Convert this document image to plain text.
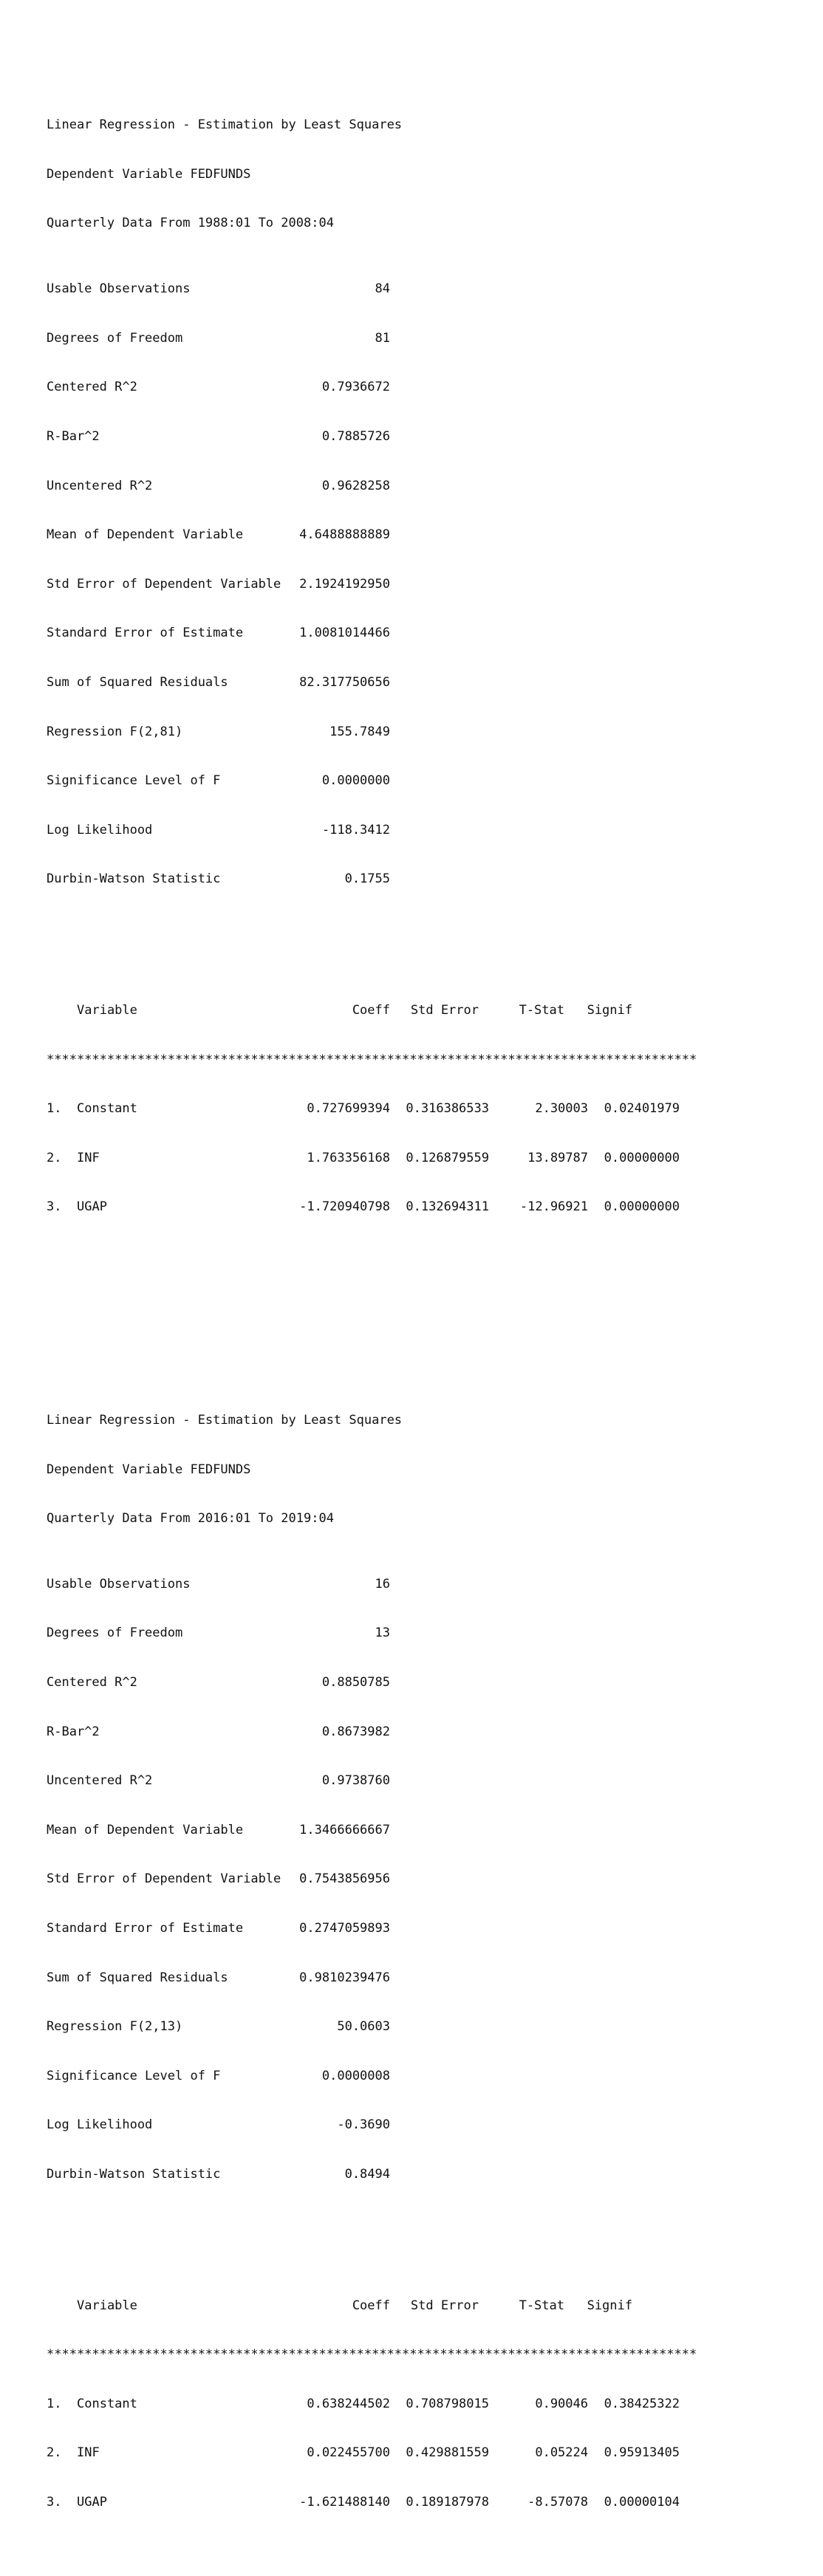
Linear Regression - Estimation by Least Squares

Dependent Variable FEDFUNDS

Quarterly Data From 1988:01 To 2008:04

Usable Observations	84

Degrees of Freedom	81

Centered R^2	0.7936672

R-Bar^2	0.7885726

Uncentered R^2	0.9628258

Mean of Dependent Variable	4.6488888889

Std Error of Dependent Variable 2.1924192950

Standard Error of Estimate	1.0081014466

Sum of Squared Residuals	82.317750656

Regression F(2,81)	155.7849

Significance Level of F	0.0000000

Log Likelihood	-118.3412

Durbin-Watson Statistic	0.1755

Variable	Coeff Std Error	T-Stat Signif

**************************************************************************************

1. Constant	0.727699394 0.316386533	2.30003 0.02401979

2. INF	1.763356168 0.126879559	13.89787 0.00000000

3. UGAP	-1.720940798 0.132694311 -12.96921 0.00000000

Linear Regression - Estimation by Least Squares

Dependent Variable FEDFUNDS

Quarterly Data From 2016:01 To 2019:04

Usable Observations	16

Degrees of Freedom	13

Centered R^2	0.8850785

R-Bar^2	0.8673982

Uncentered R^2	0.9738760

Mean of Dependent Variable	1.3466666667

Std Error of Dependent Variable 0.7543856956

Standard Error of Estimate	0.2747059893

Sum of Squared Residuals	0.9810239476

Regression F(2,13)	50.0603

Significance Level of F	0.0000008

Log Likelihood	-0.3690

Durbin-Watson Statistic	0.8494

Variable	Coeff Std Error	T-Stat Signif

**************************************************************************************

1. Constant	0.638244502 0.708798015	0.90046 0.38425322

2. INF	0.022455700 0.429881559	0.05224 0.95913405

3. UGAP	-1.621488140 0.189187978	-8.57078 0.00000104
